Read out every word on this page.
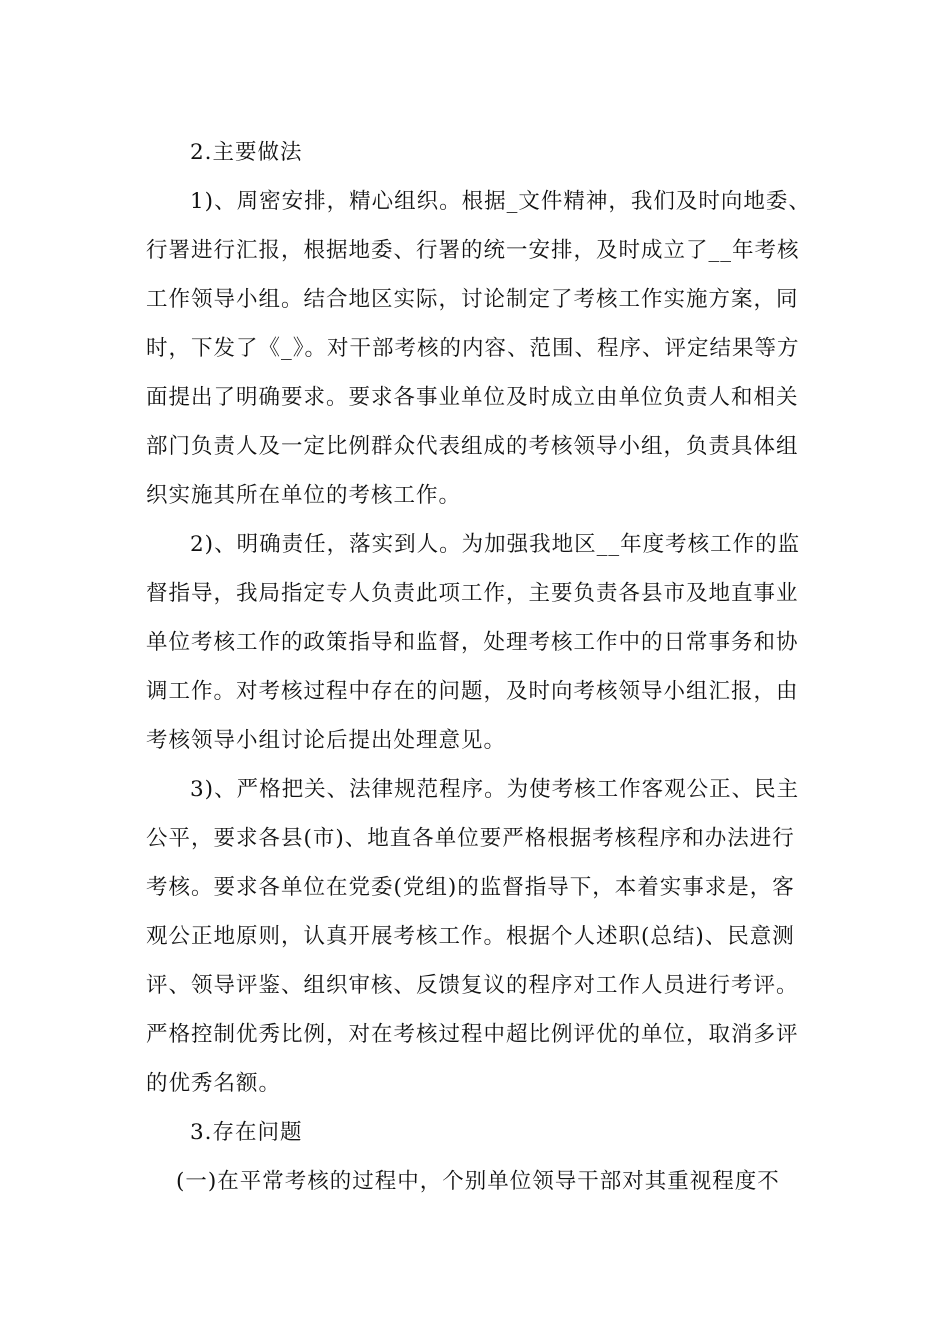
2.主要做法
1)、周密安排，精心组织。根据_文件精神，我们及时向地委、
行署进行汇报，根据地委、行署的统一安排，及时成立了__年考核
工作领导小组。结合地区实际，讨论制定了考核工作实施方案，同
时，下发了《_》。对干部考核的内容、范围、程序、评定结果等方
面提出了明确要求。要求各事业单位及时成立由单位负责人和相关
部门负责人及一定比例群众代表组成的考核领导小组，负责具体组
织实施其所在单位的考核工作。
2)、明确责任，落实到人。为加强我地区__年度考核工作的监
督指导，我局指定专人负责此项工作，主要负责各县市及地直事业
单位考核工作的政策指导和监督，处理考核工作中的日常事务和协
调工作。对考核过程中存在的问题，及时向考核领导小组汇报，由
考核领导小组讨论后提出处理意见。
3)、严格把关、法律规范程序。为使考核工作客观公正、民主
公平，要求各县(市)、地直各单位要严格根据考核程序和办法进行
考核。要求各单位在党委(党组)的监督指导下，本着实事求是，客
观公正地原则，认真开展考核工作。根据个人述职(总结)、民意测
评、领导评鉴、组织审核、反馈复议的程序对工作人员进行考评。
严格控制优秀比例，对在考核过程中超比例评优的单位，取消多评
的优秀名额。
3.存在问题
(一)在平常考核的过程中，个别单位领导干部对其重视程度不
